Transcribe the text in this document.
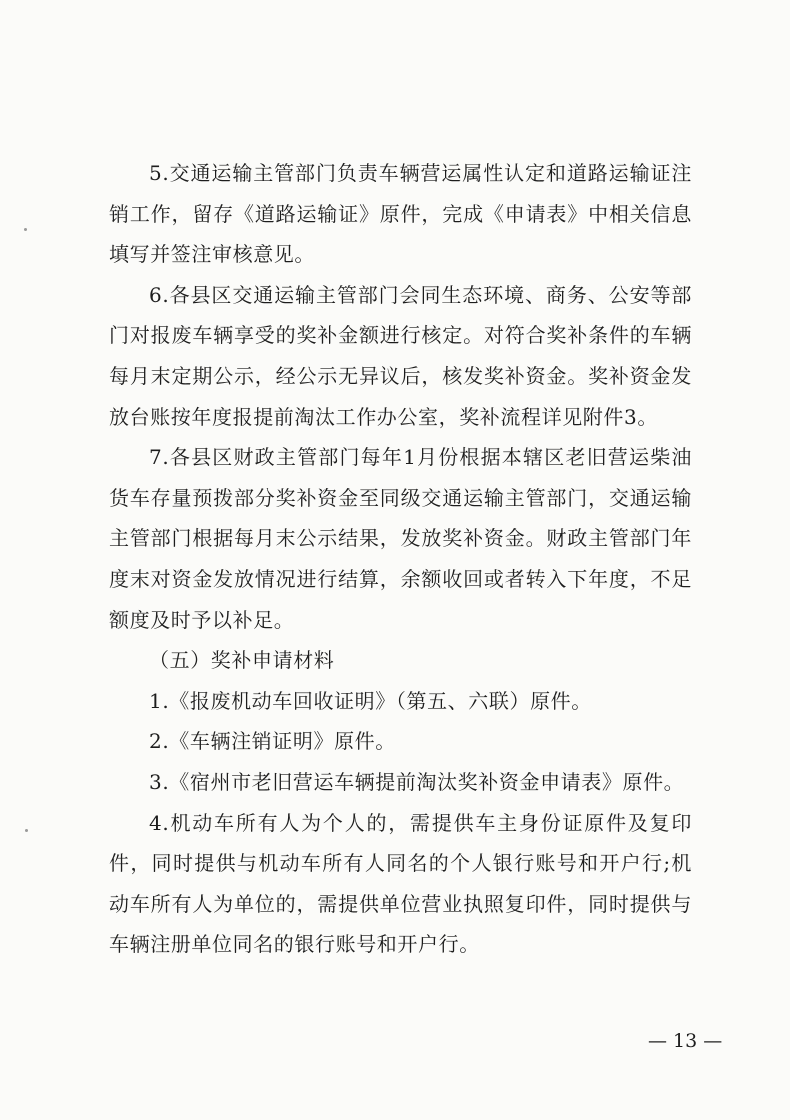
5.交通运输主管部门负责车辆营运属性认定和道路运输证注销工作，留存《道路运输证》原件，完成《申请表》中相关信息填写并签注审核意见。

6.各县区交通运输主管部门会同生态环境、商务、公安等部门对报废车辆享受的奖补金额进行核定。对符合奖补条件的车辆每月末定期公示，经公示无异议后，核发奖补资金。奖补资金发放台账按年度报提前淘汰工作办公室，奖补流程详见附件3。

7.各县区财政主管部门每年1月份根据本辖区老旧营运柴油货车存量预拨部分奖补资金至同级交通运输主管部门，交通运输主管部门根据每月末公示结果，发放奖补资金。财政主管部门年度末对资金发放情况进行结算，余额收回或者转入下年度，不足额度及时予以补足。

（五）奖补申请材料

1.《报废机动车回收证明》（第五、六联）原件。

2.《车辆注销证明》原件。

3.《宿州市老旧营运车辆提前淘汰奖补资金申请表》原件。

4.机动车所有人为个人的，需提供车主身份证原件及复印件，同时提供与机动车所有人同名的个人银行账号和开户行;机动车所有人为单位的，需提供单位营业执照复印件，同时提供与车辆注册单位同名的银行账号和开户行。

— 13 —
